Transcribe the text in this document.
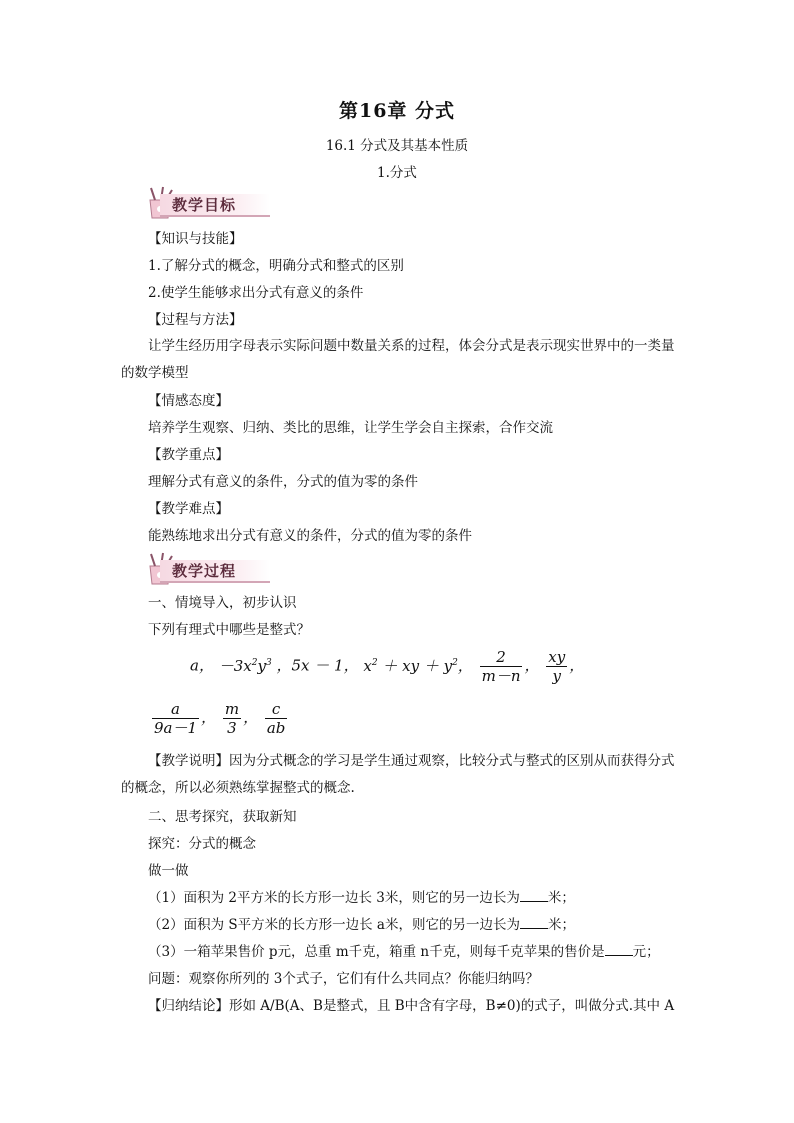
第16章 分式
16.1 分式及其基本性质
1.分式
教学目标
【知识与技能】
1.了解分式的概念，明确分式和整式的区别
2.使学生能够求出分式有意义的条件
【过程与方法】
让学生经历用字母表示实际问题中数量关系的过程，体会分式是表示现实世界中的一类量的数学模型
【情感态度】
培养学生观察、归纳、类比的思维，让学生学会自主探索，合作交流
【教学重点】
理解分式有意义的条件，分式的值为零的条件
【教学难点】
能熟练地求出分式有意义的条件，分式的值为零的条件
教学过程
一、情境导入，初步认识
下列有理式中哪些是整式？
a， $-3x^2y^3$ ，5x － 1， $x^2$ ＋ xy ＋ $y^2$， $\frac{2}{m-n}$ ， $\frac{xy}{y}$ ，
$\frac{a}{9a-1}$ ， $\frac{m}{3}$ ， $\frac{c}{ab}$
【教学说明】因为分式概念的学习是学生通过观察，比较分式与整式的区别从而获得分式的概念，所以必须熟练掌握整式的概念.
二、思考探究，获取新知
探究：分式的概念
做一做
（1）面积为 2平方米的长方形一边长 3米，则它的另一边长为 米；
（2）面积为 S平方米的长方形一边长 a米，则它的另一边长为 米；
（3）一箱苹果售价 p元，总重 m千克，箱重 n千克，则每千克苹果的售价是 元；
问题：观察你所列的 3个式子，它们有什么共同点？你能归纳吗？
【归纳结论】形如 A/B(A、B是整式，且 B中含有字母，B≠0)的式子，叫做分式.其中 A
